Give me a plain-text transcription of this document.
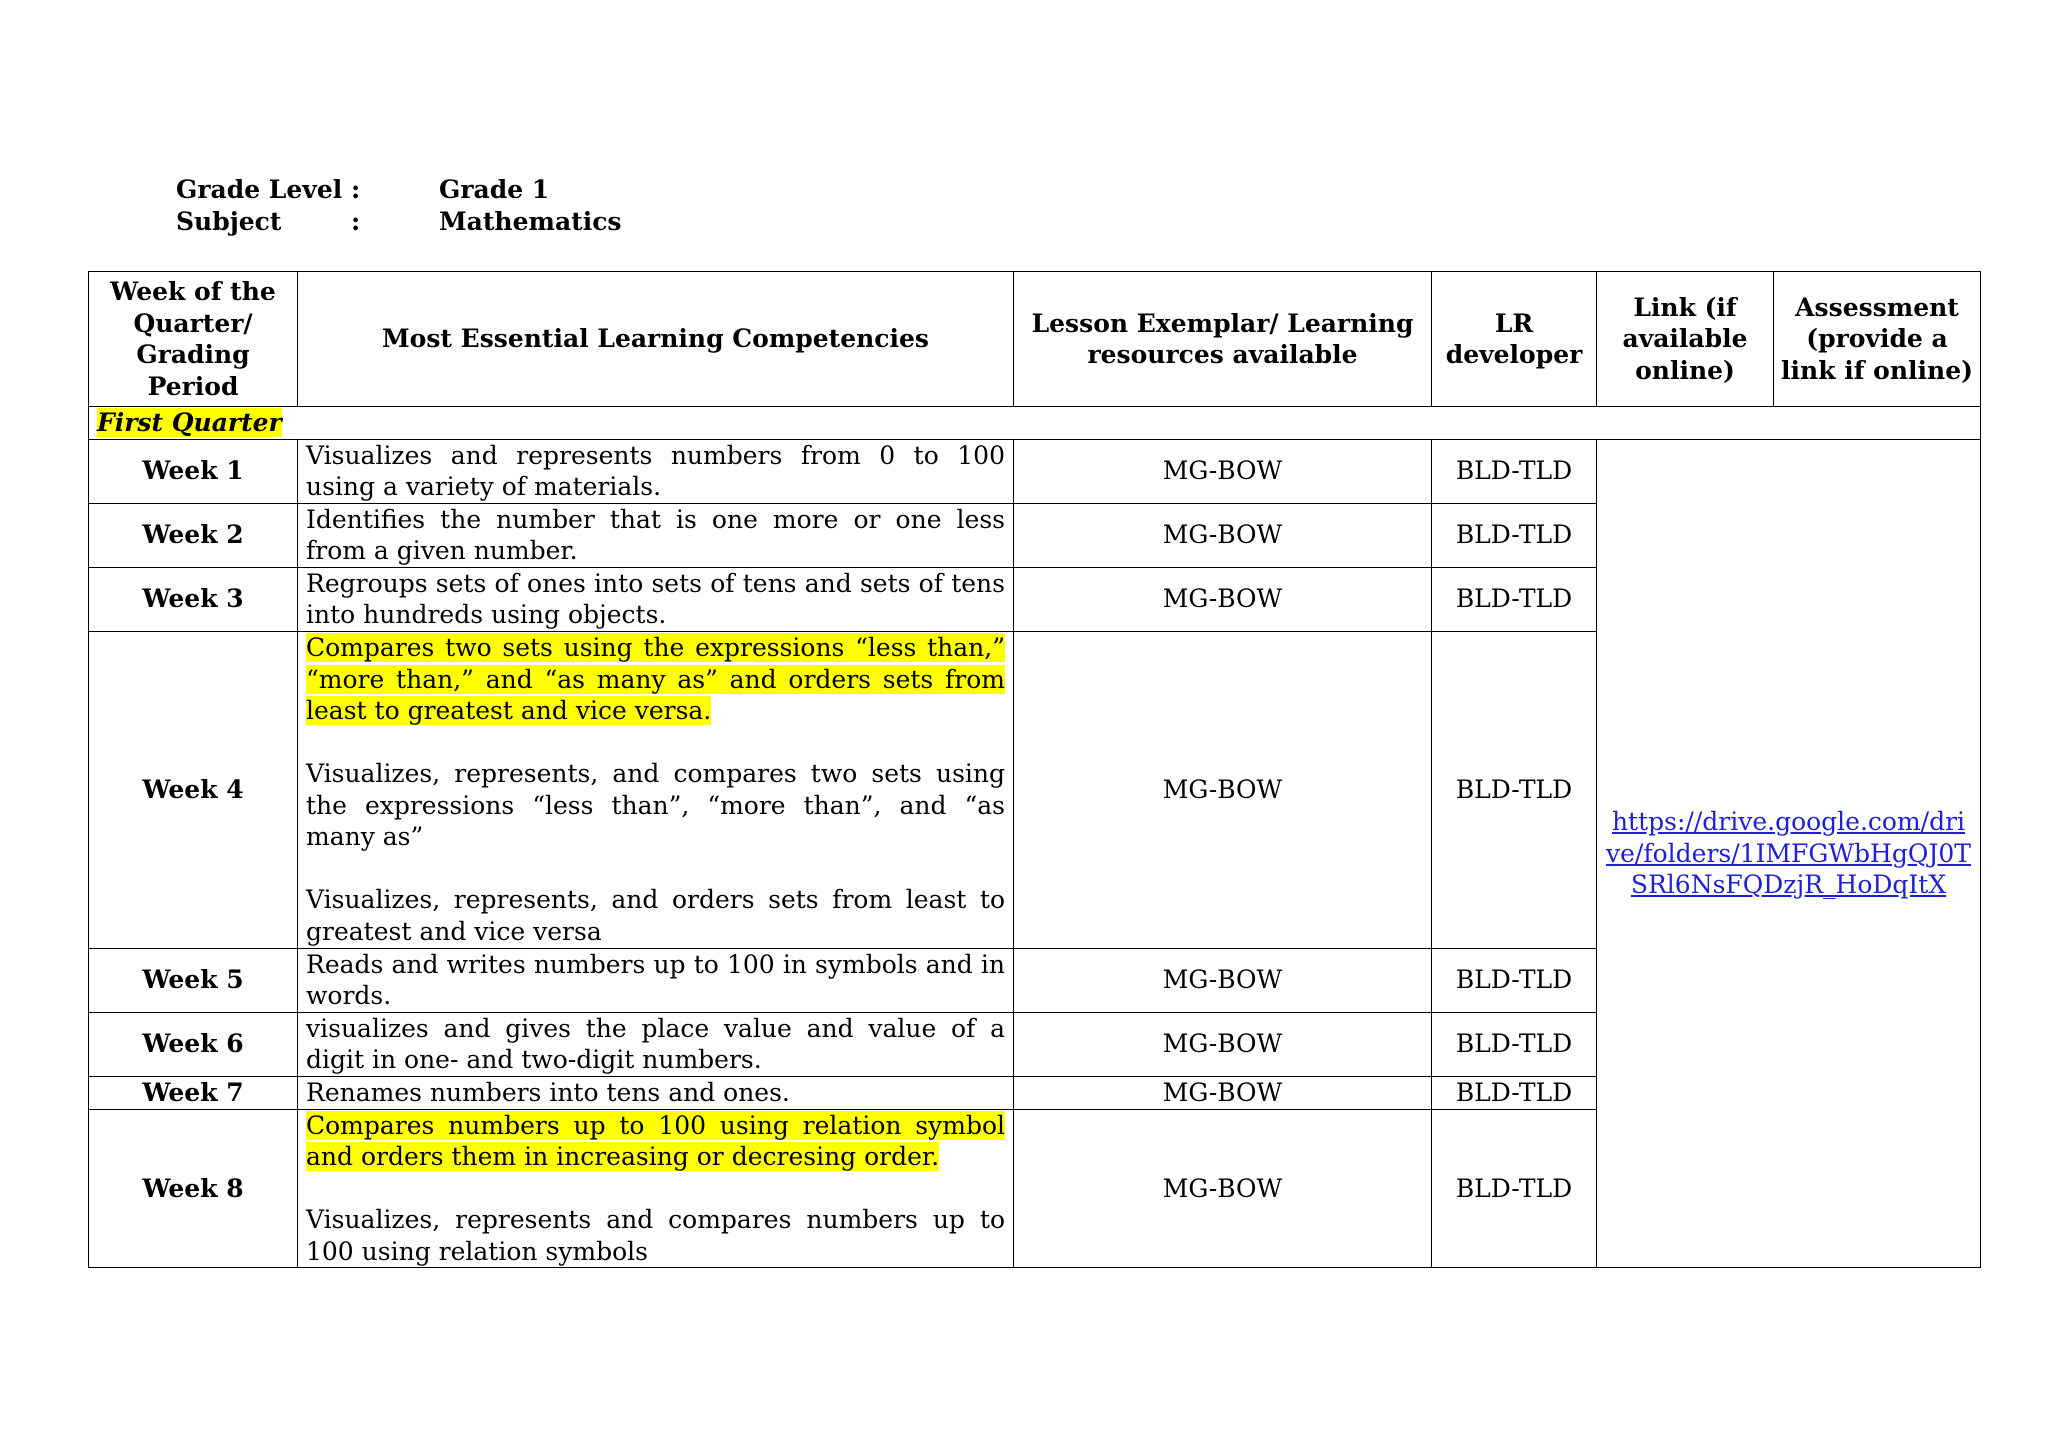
Grade Level :	Grade 1
Subject	:	Mathematics
Week of the Quarter/ Grading Period	Most Essential Learning Competencies	Lesson Exemplar/ Learning resources available	LR developer	Link (if available online)	Assessment (provide a link if online)
First Quarter					
Week 1	Visualizes and represents numbers from 0 to 100 using a variety of materials.	MG-BOW	BLD-TLD	https://drive.google.com/drive/folders/1IMFGWbHgQJ0TSRl6NsFQDzjR_HoDqItX	
Week 2	Identifies the number that is one more or one less from a given number.	MG-BOW	BLD-TLD		
Week 3	Regroups sets of ones into sets of tens and sets of tens into hundreds using objects.	MG-BOW	BLD-TLD		
Week 4	Compares two sets using the expressions “less than,” “more than,” and “as many as” and orders sets from least to greatest and vice versa.
Visualizes, represents, and compares two sets using the expressions “less than”, “more than”, and “as many as”
Visualizes, represents, and orders sets from least to greatest and vice versa	MG-BOW	BLD-TLD		
Week 5	Reads and writes numbers up to 100 in symbols and in words.	MG-BOW	BLD-TLD		
Week 6	visualizes and gives the place value and value of a digit in one- and two-digit numbers.	MG-BOW	BLD-TLD		
Week 7	Renames numbers into tens and ones.	MG-BOW	BLD-TLD		
Week 8	Compares numbers up to 100 using relation symbol and orders them in increasing or decresing order.
Visualizes, represents and compares numbers up to 100 using relation symbols	MG-BOW	BLD-TLD		
